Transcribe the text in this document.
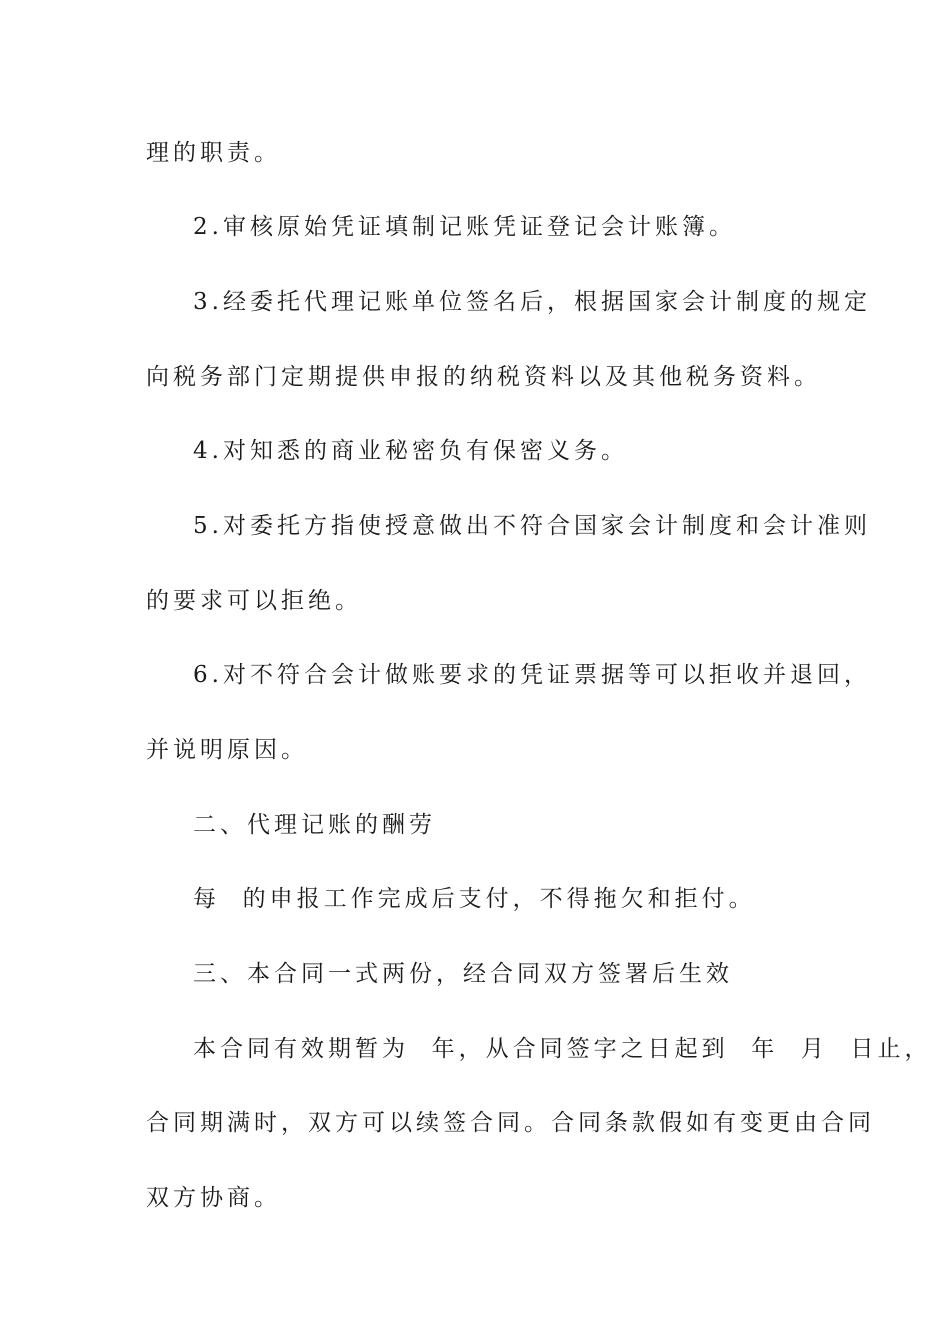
理的职责。
2.审核原始凭证填制记账凭证登记会计账簿。
3.经委托代理记账单位签名后，根据国家会计制度的规定
向税务部门定期提供申报的纳税资料以及其他税务资料。
4.对知悉的商业秘密负有保密义务。
5.对委托方指使授意做出不符合国家会计制度和会计准则
的要求可以拒绝。
6.对不符合会计做账要求的凭证票据等可以拒收并退回，
并说明原因。
二、代理记账的酬劳
每  的申报工作完成后支付，不得拖欠和拒付。
三、本合同一式两份，经合同双方签署后生效
本合同有效期暂为  年，从合同签字之日起到  年  月  日止，
合同期满时，双方可以续签合同。合同条款假如有变更由合同
双方协商。
